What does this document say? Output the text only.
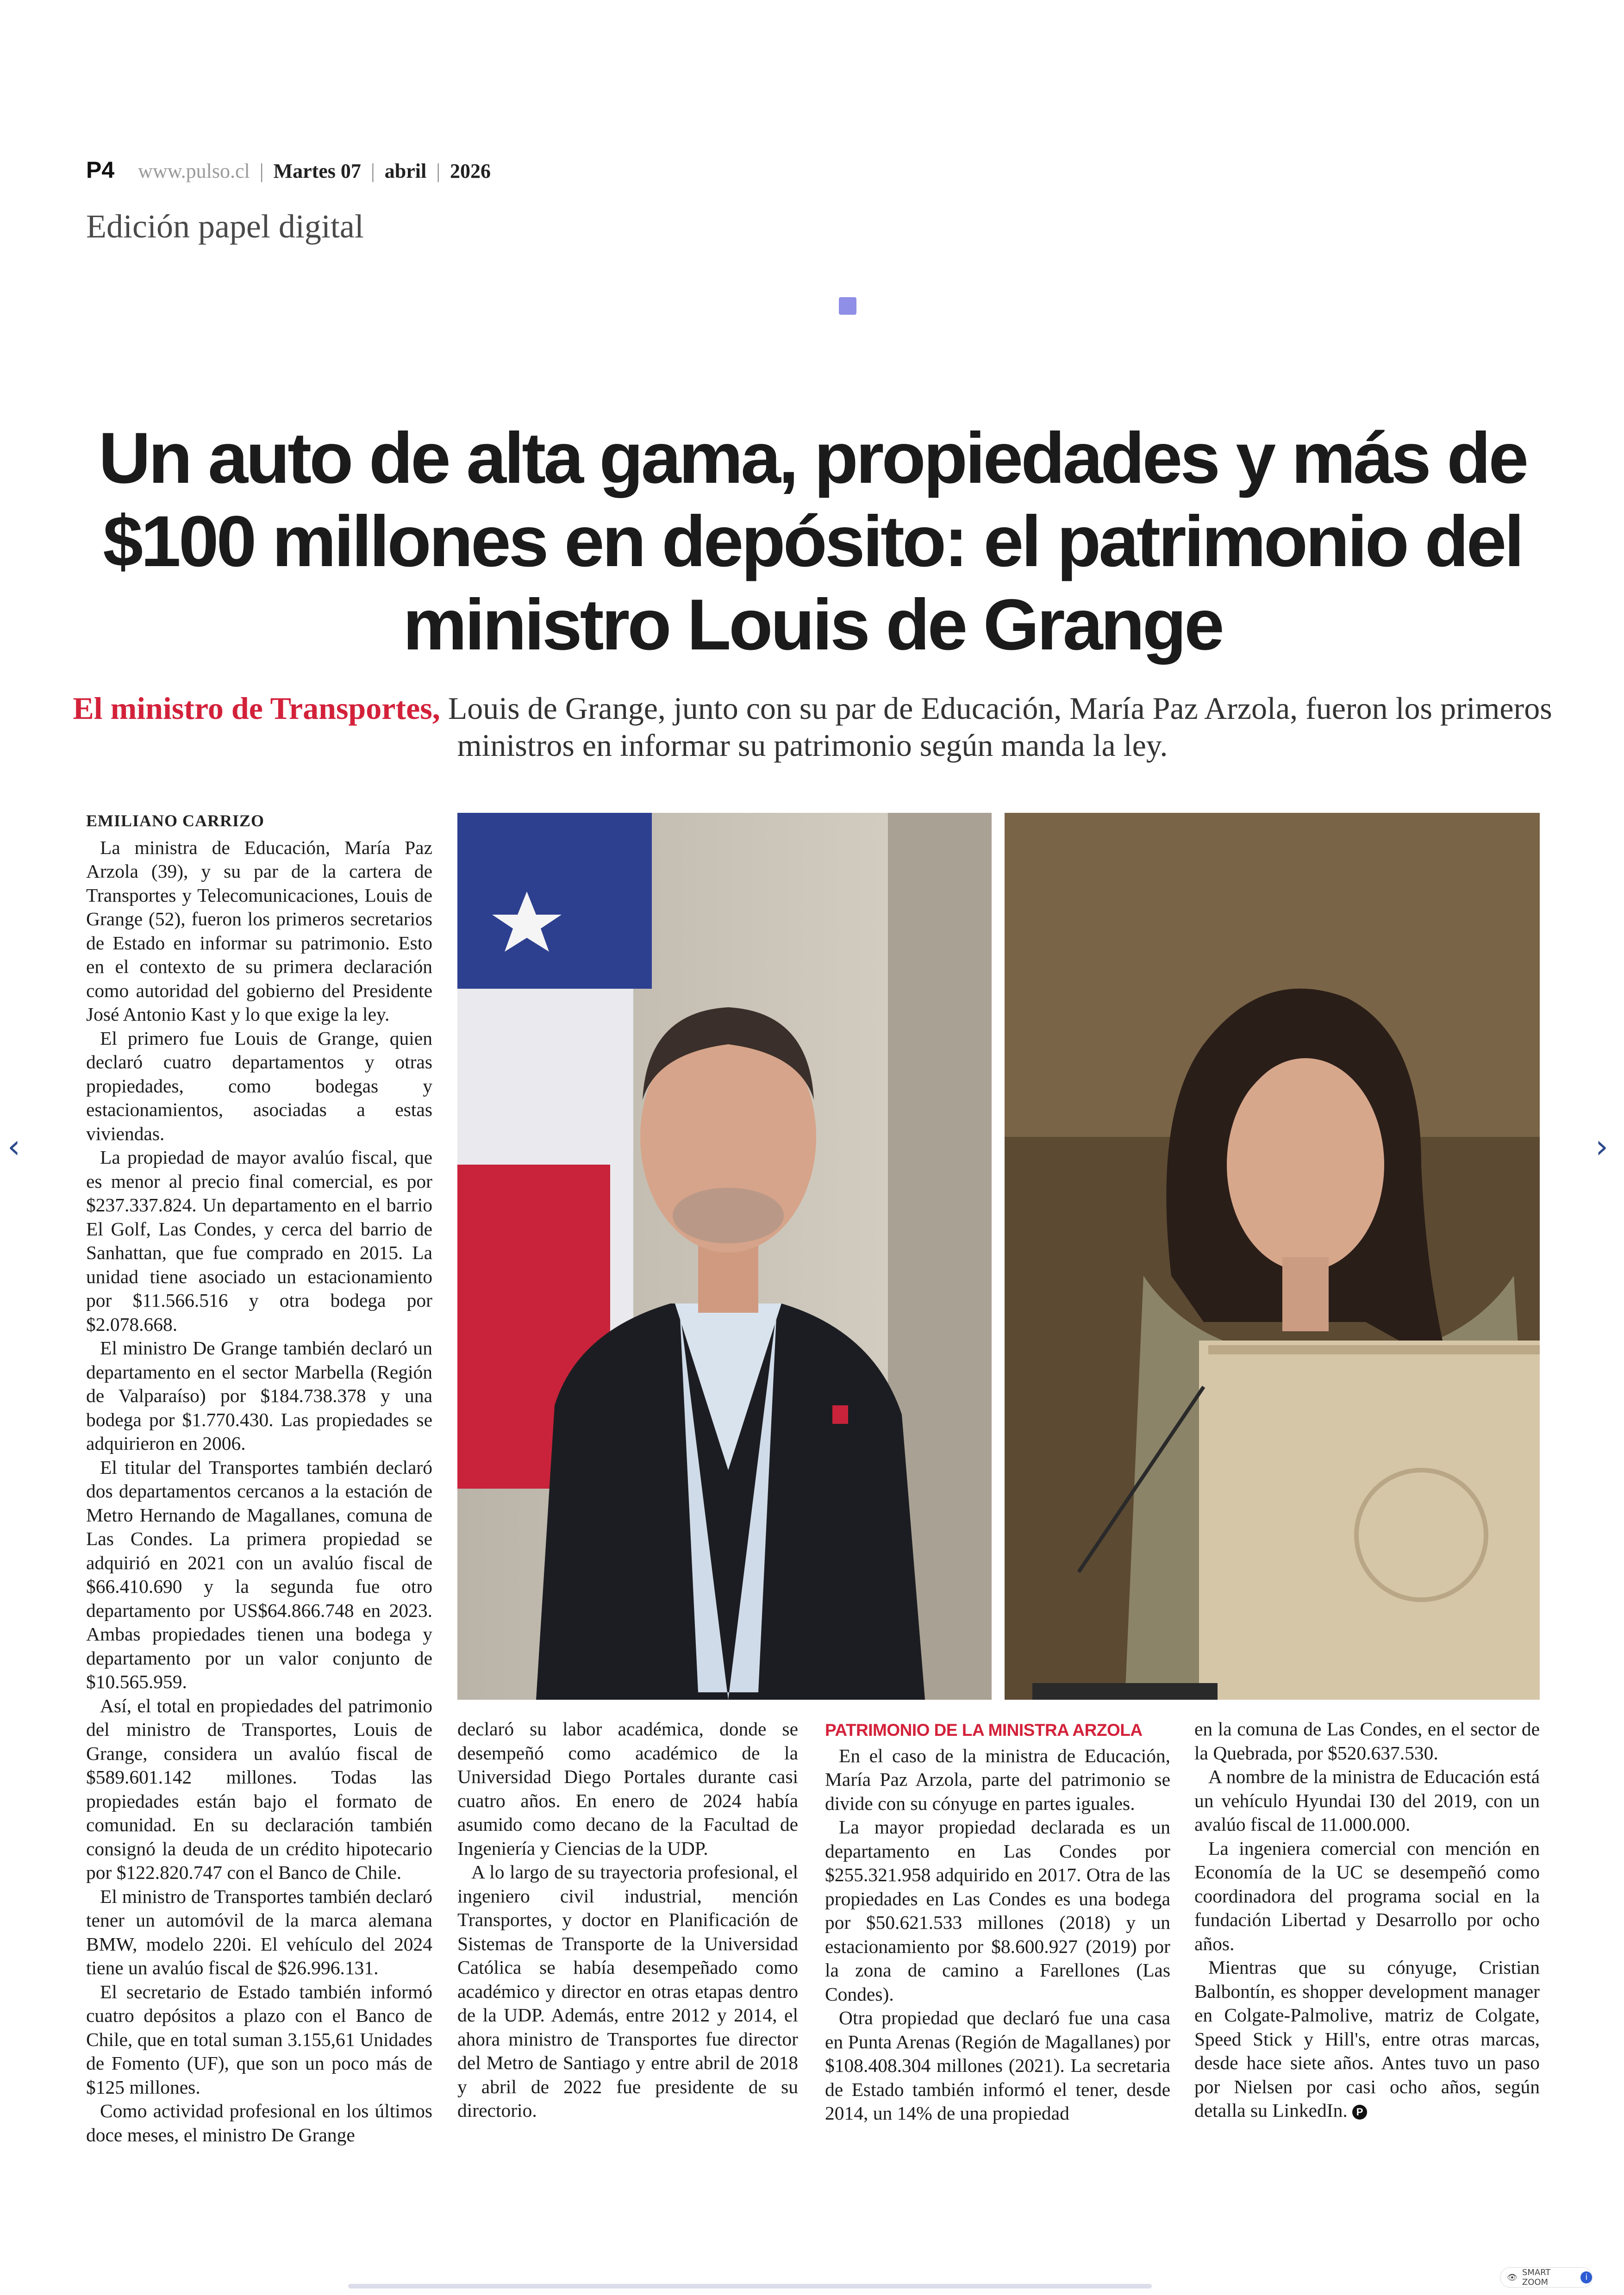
P4 www.pulso.cl | Martes 07 | abril | 2026
Edición papel digital
Un auto de alta gama, propiedades y más de $100 millones en depósito: el patrimonio del ministro Louis de Grange
El ministro de Transportes, Louis de Grange, junto con su par de Educación, María Paz Arzola, fueron los primeros ministros en informar su patrimonio según manda la ley.
EMILIANO CARRIZO

La ministra de Educación, María Paz Arzola (39), y su par de la cartera de Transportes y Telecomunicaciones, Louis de Grange (52), fueron los primeros secretarios de Estado en informar su patrimonio. Esto en el contexto de su primera declaración como autoridad del gobierno del Presidente José Antonio Kast y lo que exige la ley.

El primero fue Louis de Grange, quien declaró cuatro departamentos y otras propiedades, como bodegas y estacionamientos, asociadas a estas viviendas.

La propiedad de mayor avalúo fiscal, que es menor al precio final comercial, es por $237.337.824. Un departamento en el barrio El Golf, Las Condes, y cerca del barrio de Sanhattan, que fue comprado en 2015. La unidad tiene asociado un estacionamiento por $11.566.516 y otra bodega por $2.078.668.

El ministro De Grange también declaró un departamento en el sector Marbella (Región de Valparaíso) por $184.738.378 y una bodega por $1.770.430. Las propiedades se adquirieron en 2006.

El titular del Transportes también declaró dos departamentos cercanos a la estación de Metro Hernando de Magallanes, comuna de Las Condes. La primera propiedad se adquirió en 2021 con un avalúo fiscal de $66.410.690 y la segunda fue otro departamento por US$64.866.748 en 2023. Ambas propiedades tienen una bodega y departamento por un valor conjunto de $10.565.959.

Así, el total en propiedades del patrimonio del ministro de Transportes, Louis de Grange, considera un avalúo fiscal de $589.601.142 millones. Todas las propiedades están bajo el formato de comunidad. En su declaración también consignó la deuda de un crédito hipotecario por $122.820.747 con el Banco de Chile.

El ministro de Transportes también declaró tener un automóvil de la marca alemana BMW, modelo 220i. El vehículo del 2024 tiene un avalúo fiscal de $26.996.131.

El secretario de Estado también informó cuatro depósitos a plazo con el Banco de Chile, que en total suman 3.155,61 Unidades de Fomento (UF), que son un poco más de $125 millones.

Como actividad profesional en los últimos doce meses, el ministro De Grange

declaró su labor académica, donde se desempeñó como académico de la Universidad Diego Portales durante casi cuatro años. En enero de 2024 había asumido como decano de la Facultad de Ingeniería y Ciencias de la UDP.

A lo largo de su trayectoria profesional, el ingeniero civil industrial, mención Transportes, y doctor en Planificación de Sistemas de Transporte de la Universidad Católica se había desempeñado como académico y director en otras etapas dentro de la UDP. Además, entre 2012 y 2014, el ahora ministro de Transportes fue director del Metro de Santiago y entre abril de 2018 y abril de 2022 fue presidente de su directorio.

PATRIMONIO DE LA MINISTRA ARZOLA

En el caso de la ministra de Educación, María Paz Arzola, parte del patrimonio se divide con su cónyuge en partes iguales.

La mayor propiedad declarada es un departamento en Las Condes por $255.321.958 adquirido en 2017. Otra de las propiedades en Las Condes es una bodega por $50.621.533 millones (2018) y un estacionamiento por $8.600.927 (2019) por la zona de camino a Farellones (Las Condes).

Otra propiedad que declaró fue una casa en Punta Arenas (Región de Magallanes) por $108.408.304 millones (2021). La secretaria de Estado también informó el tener, desde 2014, un 14% de una propiedad

en la comuna de Las Condes, en el sector de la Quebrada, por $520.637.530.

A nombre de la ministra de Educación está un vehículo Hyundai I30 del 2019, con un avalúo fiscal de 11.000.000.

La ingeniera comercial con mención en Economía de la UC se desempeñó como coordinadora del programa social en la fundación Libertad y Desarrollo por ocho años.

Mientras que su cónyuge, Cristian Balbontín, es shopper development manager en Colgate-Palmolive, matriz de Colgate, Speed Stick y Hill's, entre otras marcas, desde hace siete años. Antes tuvo un paso por Nielsen por casi ocho años, según detalla su LinkedIn. P

‹	›
👁 SMART ZOOM
i
